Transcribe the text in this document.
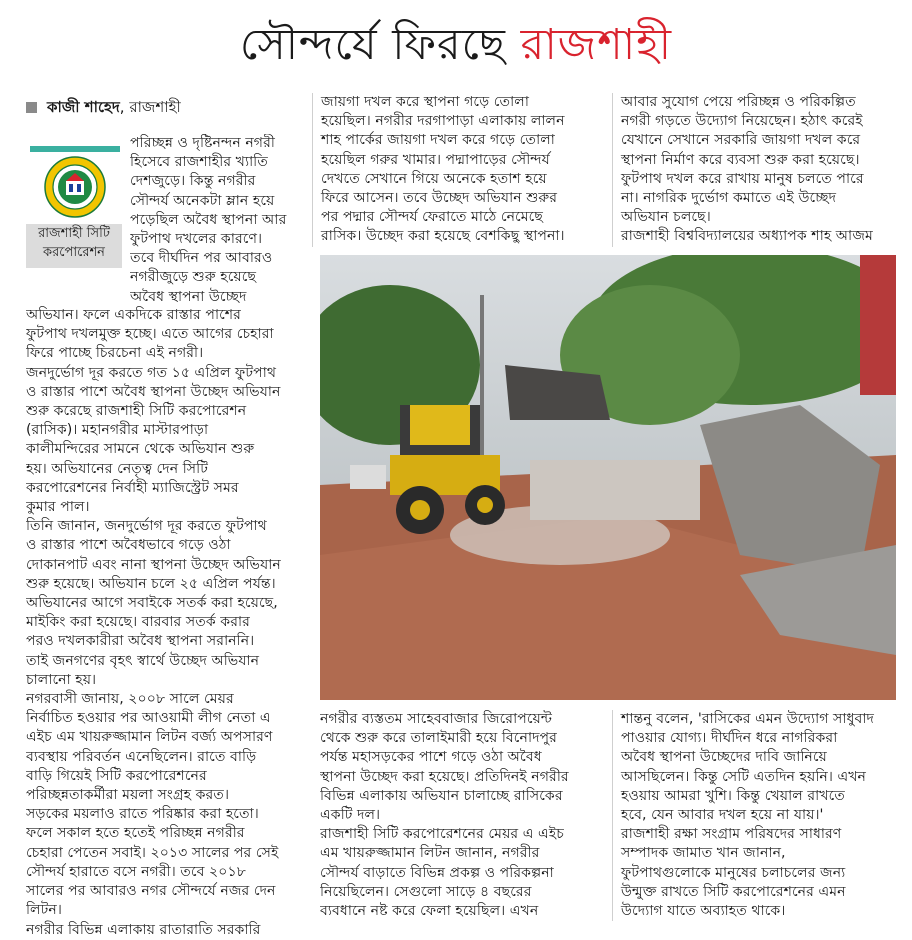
সৌন্দর্যে ফিরছে রাজশাহী
কাজী শাহেদ, রাজশাহী
রাজশাহী সিটি করপোরেশন

পরিচ্ছন্ন ও দৃষ্টিনন্দন নগরী

হিসেবে রাজশাহীর খ্যাতি

দেশজুড়ে। কিন্তু নগরীর

সৌন্দর্য অনেকটা ম্লান হয়ে

পড়েছিল অবৈধ স্থাপনা আর

ফুটপাথ দখলের কারণে।

তবে দীর্ঘদিন পর আবারও

নগরীজুড়ে শুরু হয়েছে

অবৈধ স্থাপনা উচ্ছেদ

অভিযান। ফলে একদিকে রাস্তার পাশের

ফুটপাথ দখলমুক্ত হচ্ছে। এতে আগের চেহারা

ফিরে পাচ্ছে চিরচেনা এই নগরী।

জনদুর্ভোগ দূর করতে গত ১৫ এপ্রিল ফুটপাথ

ও রাস্তার পাশে অবৈধ স্থাপনা উচ্ছেদ অভিযান

শুরু করেছে রাজশাহী সিটি করপোরেশন

(রাসিক)। মহানগরীর মাস্টারপাড়া

কালীমন্দিরের সামনে থেকে অভিযান শুরু

হয়। অভিযানের নেতৃত্ব দেন সিটি

করপোরেশনের নির্বাহী ম্যাজিস্ট্রেট সমর

কুমার পাল।

তিনি জানান, জনদুর্ভোগ দূর করতে ফুটপাথ

ও রাস্তার পাশে অবৈধভাবে গড়ে ওঠা

দোকানপাট এবং নানা স্থাপনা উচ্ছেদ অভিযান

শুরু হয়েছে। অভিযান চলে ২৫ এপ্রিল পর্যন্ত।

অভিযানের আগে সবাইকে সতর্ক করা হয়েছে,

মাইকিং করা হয়েছে। বারবার সতর্ক করার

পরও দখলকারীরা অবৈধ স্থাপনা সরাননি।

তাই জনগণের বৃহৎ স্বার্থে উচ্ছেদ অভিযান

চালানো হয়।

নগরবাসী জানায়, ২০০৮ সালে মেয়র

নির্বাচিত হওয়ার পর আওয়ামী লীগ নেতা এ

এইচ এম খায়রুজ্জামান লিটন বর্জ্য অপসারণ

ব্যবস্থায় পরিবর্তন এনেছিলেন। রাতে বাড়ি

বাড়ি গিয়েই সিটি করপোরেশনের

পরিচ্ছন্নতাকর্মীরা ময়লা সংগ্রহ করত।

সড়কের ময়লাও রাতে পরিষ্কার করা হতো।

ফলে সকাল হতে হতেই পরিচ্ছন্ন নগরীর

চেহারা পেতেন সবাই। ২০১৩ সালের পর সেই

সৌন্দর্য হারাতে বসে নগরী। তবে ২০১৮

সালের পর আবারও নগর সৌন্দর্যে নজর দেন

লিটন।

নগরীর বিভিন্ন এলাকায় রাতারাতি সরকারি

জায়গা দখল করে স্থাপনা গড়ে তোলা

হয়েছিল। নগরীর দরগাপাড়া এলাকায় লালন

শাহ পার্কের জায়গা দখল করে গড়ে তোলা

হয়েছিল গরুর খামার। পদ্মাপাড়ের সৌন্দর্য

দেখতে সেখানে গিয়ে অনেকে হতাশ হয়ে

ফিরে আসেন। তবে উচ্ছেদ অভিযান শুরুর

পর পদ্মার সৌন্দর্য ফেরাতে মাঠে নেমেছে

রাসিক। উচ্ছেদ করা হয়েছে বেশকিছু স্থাপনা।

আবার সুযোগ পেয়ে পরিচ্ছন্ন ও পরিকল্পিত

নগরী গড়তে উদ্যোগ নিয়েছেন। হঠাৎ করেই

যেখানে সেখানে সরকারি জায়গা দখল করে

স্থাপনা নির্মাণ করে ব্যবসা শুরু করা হয়েছে।

ফুটপাথ দখল করে রাখায় মানুষ চলতে পারে

না। নাগরিক দুর্ভোগ কমাতে এই উচ্ছেদ

অভিযান চলছে।

রাজশাহী বিশ্ববিদ্যালয়ের অধ্যাপক শাহ আজম

নগরীর ব্যস্ততম সাহেববাজার জিরোপয়েন্ট

থেকে শুরু করে তালাইমারী হয়ে বিনোদপুর

পর্যন্ত মহাসড়কের পাশে গড়ে ওঠা অবৈধ

স্থাপনা উচ্ছেদ করা হয়েছে। প্রতিদিনই নগরীর

বিভিন্ন এলাকায় অভিযান চালাচ্ছে রাসিকের

একটি দল।

রাজশাহী সিটি করপোরেশনের মেয়র এ এইচ

এম খায়রুজ্জামান লিটন জানান, নগরীর

সৌন্দর্য বাড়াতে বিভিন্ন প্রকল্প ও পরিকল্পনা

নিয়েছিলেন। সেগুলো সাড়ে ৪ বছরের

ব্যবধানে নষ্ট করে ফেলা হয়েছিল। এখন

শান্তনু বলেন, 'রাসিকের এমন উদ্যোগ সাধুবাদ

পাওয়ার যোগ্য। দীর্ঘদিন ধরে নাগরিকরা

অবৈধ স্থাপনা উচ্ছেদের দাবি জানিয়ে

আসছিলেন। কিন্তু সেটি এতদিন হয়নি। এখন

হওয়ায় আমরা খুশি। কিন্তু খেয়াল রাখতে

হবে, যেন আবার দখল হয়ে না যায়।'

রাজশাহী রক্ষা সংগ্রাম পরিষদের সাধারণ

সম্পাদক জামাত খান জানান,

ফুটপাথগুলোকে মানুষের চলাচলের জন্য

উন্মুক্ত রাখতে সিটি করপোরেশনের এমন

উদ্যোগ যাতে অব্যাহত থাকে।
